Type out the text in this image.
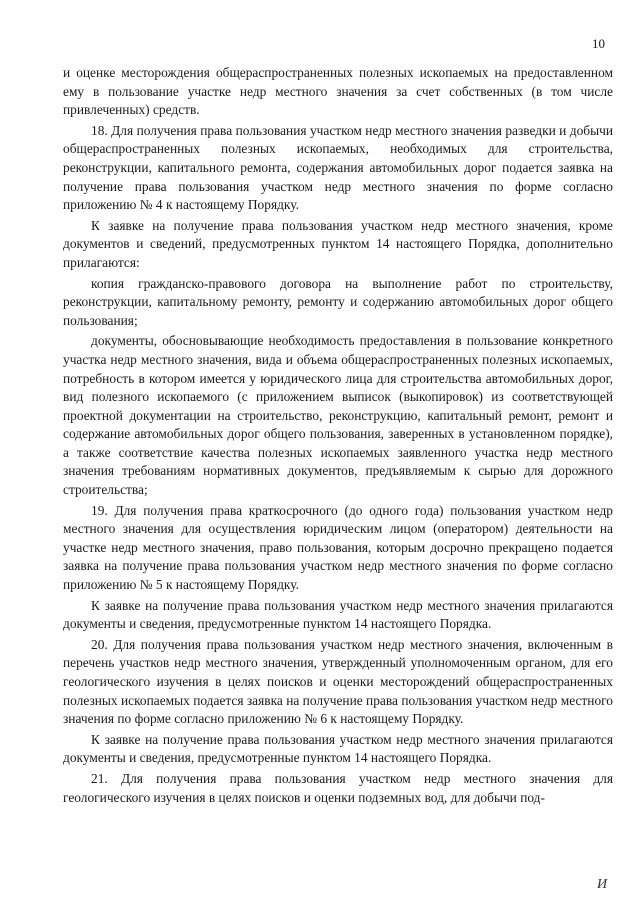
10

и оценке месторождения общераспространенных полезных ископаемых на предоставленном ему в пользование участке недр местного значения за счет собственных (в том числе привлеченных) средств.

18. Для получения права пользования участком недр местного значения разведки и добычи общераспространенных полезных ископаемых, необходимых для строительства, реконструкции, капитального ремонта, содержания автомобильных дорог подается заявка на получение права пользования участком недр местного значения по форме согласно приложению № 4 к настоящему Порядку.

К заявке на получение права пользования участком недр местного значения, кроме документов и сведений, предусмотренных пунктом 14 настоящего Порядка, дополнительно прилагаются:

копия гражданско-правового договора на выполнение работ по строительству, реконструкции, капитальному ремонту, ремонту и содержанию автомобильных дорог общего пользования;

документы, обосновывающие необходимость предоставления в пользование конкретного участка недр местного значения, вида и объема общераспространенных полезных ископаемых, потребность в котором имеется у юридического лица для строительства автомобильных дорог, вид полезного ископаемого (с приложением выписок (выкопировок) из соответствующей проектной документации на строительство, реконструкцию, капитальный ремонт, ремонт и содержание автомобильных дорог общего пользования, заверенных в установленном порядке), а также соответствие качества полезных ископаемых заявленного участка недр местного значения требованиям нормативных документов, предъявляемым к сырью для дорожного строительства;

19. Для получения права краткосрочного (до одного года) пользования участком недр местного значения для осуществления юридическим лицом (оператором) деятельности на участке недр местного значения, право пользования, которым досрочно прекращено подается заявка на получение права пользования участком недр местного значения по форме согласно приложению № 5 к настоящему Порядку.

К заявке на получение права пользования участком недр местного значения прилагаются документы и сведения, предусмотренные пунктом 14 настоящего Порядка.

20. Для получения права пользования участком недр местного значения, включенным в перечень участков недр местного значения, утвержденный уполномоченным органом, для его геологического изучения в целях поисков и оценки месторождений общераспространенных полезных ископаемых подается заявка на получение права пользования участком недр местного значения по форме согласно приложению № 6 к настоящему Порядку.

К заявке на получение права пользования участком недр местного значения прилагаются документы и сведения, предусмотренные пунктом 14 настоящего Порядка.

21. Для получения права пользования участком недр местного значения для геологического изучения в целях поисков и оценки подземных вод, для добычи под-

И
